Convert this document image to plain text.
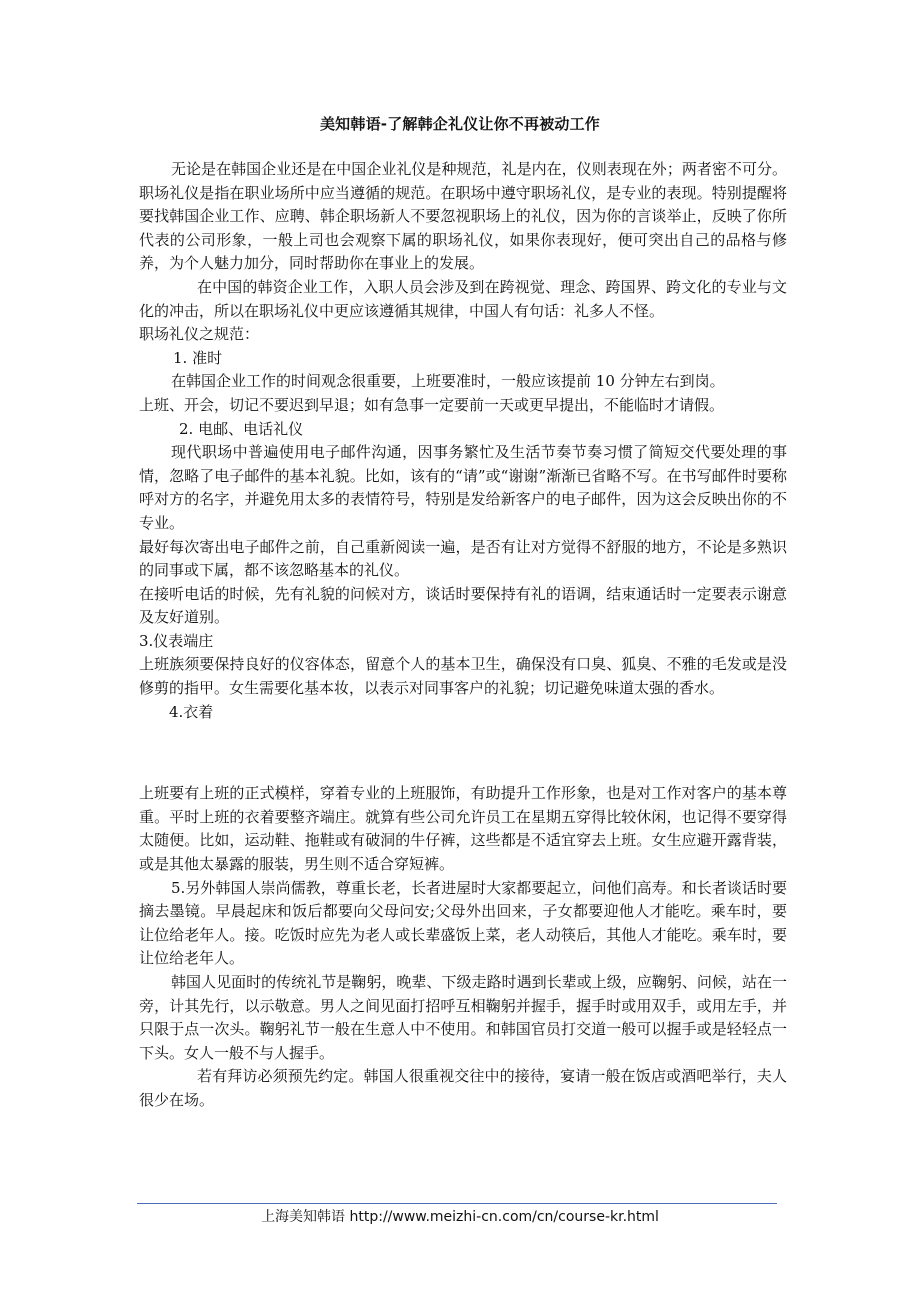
美知韩语-了解韩企礼仪让你不再被动工作

无论是在韩国企业还是在中国企业礼仪是种规范，礼是内在，仪则表现在外；两者密不可分。职场礼仪是指在职业场所中应当遵循的规范。在职场中遵守职场礼仪，是专业的表现。特别提醒将要找韩国企业工作、应聘、韩企职场新人不要忽视职场上的礼仪，因为你的言谈举止，反映了你所代表的公司形象，一般上司也会观察下属的职场礼仪，如果你表现好，便可突出自己的品格与修养，为个人魅力加分，同时帮助你在事业上的发展。

在中国的韩资企业工作，入职人员会涉及到在跨视觉、理念、跨国界、跨文化的专业与文化的冲击，所以在职场礼仪中更应该遵循其规律，中国人有句话：礼多人不怪。

职场礼仪之规范：

1. 准时

在韩国企业工作的时间观念很重要，上班要准时，一般应该提前 10 分钟左右到岗。

上班、开会，切记不要迟到早退；如有急事一定要前一天或更早提出，不能临时才请假。

2. 电邮、电话礼仪

现代职场中普遍使用电子邮件沟通，因事务繁忙及生活节奏节奏习惯了简短交代要处理的事情，忽略了电子邮件的基本礼貌。比如，该有的“请”或“谢谢”渐渐已省略不写。在书写邮件时要称呼对方的名字，并避免用太多的表情符号，特别是发给新客户的电子邮件，因为这会反映出你的不专业。

最好每次寄出电子邮件之前，自己重新阅读一遍，是否有让对方觉得不舒服的地方，不论是多熟识的同事或下属，都不该忽略基本的礼仪。

在接听电话的时候，先有礼貌的问候对方，谈话时要保持有礼的语调，结束通话时一定要表示谢意及友好道别。

3.仪表端庄

上班族须要保持良好的仪容体态，留意个人的基本卫生，确保没有口臭、狐臭、不雅的毛发或是没修剪的指甲。女生需要化基本妆，以表示对同事客户的礼貌；切记避免味道太强的香水。

4.衣着

上班要有上班的正式模样，穿着专业的上班服饰，有助提升工作形象，也是对工作对客户的基本尊重。平时上班的衣着要整齐端庄。就算有些公司允许员工在星期五穿得比较休闲，也记得不要穿得太随便。比如，运动鞋、拖鞋或有破洞的牛仔裤，这些都是不适宜穿去上班。女生应避开露背装，或是其他太暴露的服装，男生则不适合穿短裤。

5.另外韩国人崇尚儒教，尊重长老，长者进屋时大家都要起立，问他们高寿。和长者谈话时要摘去墨镜。早晨起床和饭后都要向父母问安;父母外出回来，子女都要迎他人才能吃。乘车时，要让位给老年人。接。吃饭时应先为老人或长辈盛饭上菜，老人动筷后，其他人才能吃。乘车时，要让位给老年人。

韩国人见面时的传统礼节是鞠躬，晚辈、下级走路时遇到长辈或上级，应鞠躬、问候，站在一旁，计其先行，以示敬意。男人之间见面打招呼互相鞠躬并握手，握手时或用双手，或用左手，并只限于点一次头。鞠躬礼节一般在生意人中不使用。和韩国官员打交道一般可以握手或是轻轻点一下头。女人一般不与人握手。

若有拜访必须预先约定。韩国人很重视交往中的接待，宴请一般在饭店或酒吧举行，夫人很少在场。

上海美知韩语 http://www.meizhi-cn.com/cn/course-kr.html
